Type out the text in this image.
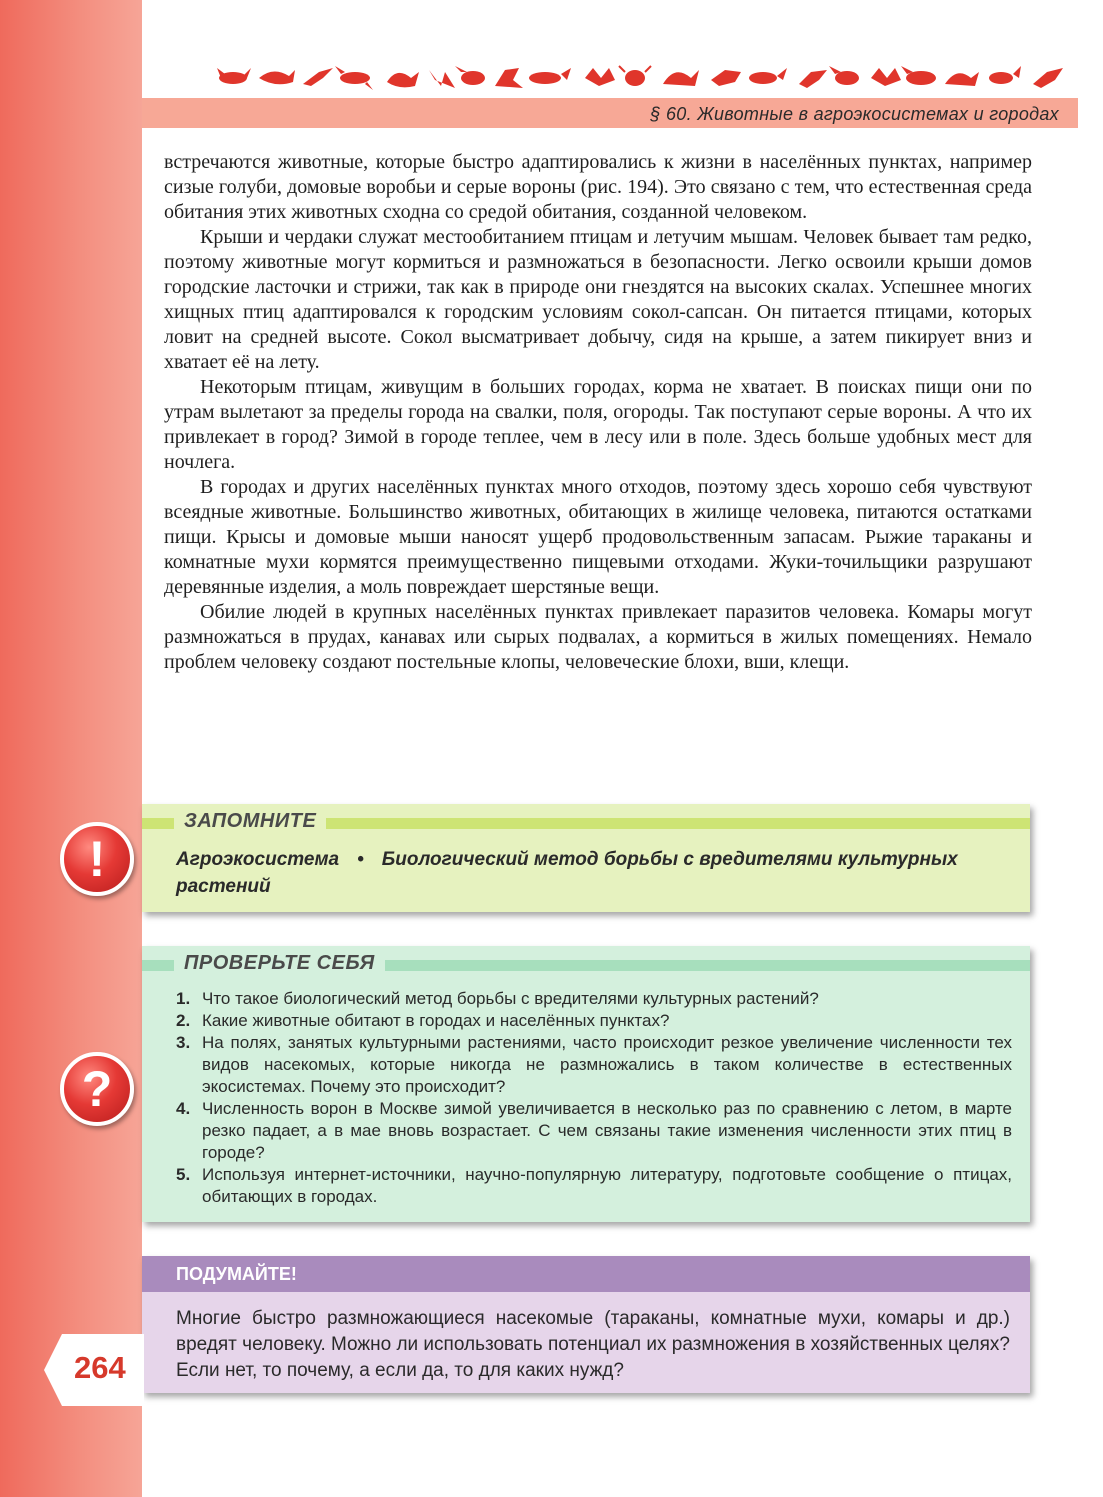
§ 60. Животные в агроэкосистемах и городах

встречаются животные, которые быстро адаптировались к жизни в населённых пунктах, например сизые голуби, домовые воробьи и серые вороны (рис. 194). Это связано с тем, что естественная среда обитания этих животных сходна со средой обитания, созданной человеком.

Крыши и чердаки служат местообитанием птицам и летучим мышам. Человек бывает там редко, поэтому животные могут кормиться и размножаться в безопасности. Легко освоили крыши домов городские ласточки и стрижи, так как в природе они гнездятся на высоких скалах. Успешнее многих хищных птиц адаптировался к городским условиям сокол-сапсан. Он питается птицами, которых ловит на средней высоте. Сокол высматривает добычу, сидя на крыше, а затем пикирует вниз и хватает её на лету.

Некоторым птицам, живущим в больших городах, корма не хватает. В поисках пищи они по утрам вылетают за пределы города на свалки, поля, огороды. Так поступают серые вороны. А что их привлекает в город? Зимой в городе теплее, чем в лесу или в поле. Здесь больше удобных мест для ночлега.

В городах и других населённых пунктах много отходов, поэтому здесь хорошо себя чувствуют всеядные животные. Большинство животных, обитающих в жилище человека, питаются остатками пищи. Крысы и домовые мыши наносят ущерб продовольственным запасам. Рыжие тараканы и комнатные мухи кормятся преимущественно пищевыми отходами. Жуки-точильщики разрушают деревянные изделия, а моль повреждает шерстяные вещи.

Обилие людей в крупных населённых пунктах привлекает паразитов человека. Комары могут размножаться в прудах, канавах или сырых подвалах, а кормиться в жилых помещениях. Немало проблем человеку создают постельные клопы, человеческие блохи, вши, клещи.

!
ЗАПОМНИТЕ
Агроэкосистема • Биологический метод борьбы с вредителями культурных растений
?
ПРОВЕРЬТЕ СЕБЯ
1. Что такое биологический метод борьбы с вредителями культурных растений?
2. Какие животные обитают в городах и населённых пунктах?
3. На полях, занятых культурными растениями, часто происходит резкое увеличение численности тех видов насекомых, которые никогда не размножались в таком количестве в естественных экосистемах. Почему это происходит?
4. Численность ворон в Москве зимой увеличивается в несколько раз по сравнению с летом, в марте резко падает, а в мае вновь возрастает. С чем связаны такие изменения численности этих птиц в городе?
5. Используя интернет-источники, научно-популярную литературу, подготовьте сообщение о птицах, обитающих в городах.
ПОДУМАЙТЕ!
Многие быстро размножающиеся насекомые (тараканы, комнатные мухи, комары и др.) вредят человеку. Можно ли использовать потенциал их размножения в хозяйственных целях? Если нет, то почему, а если да, то для каких нужд?
264
